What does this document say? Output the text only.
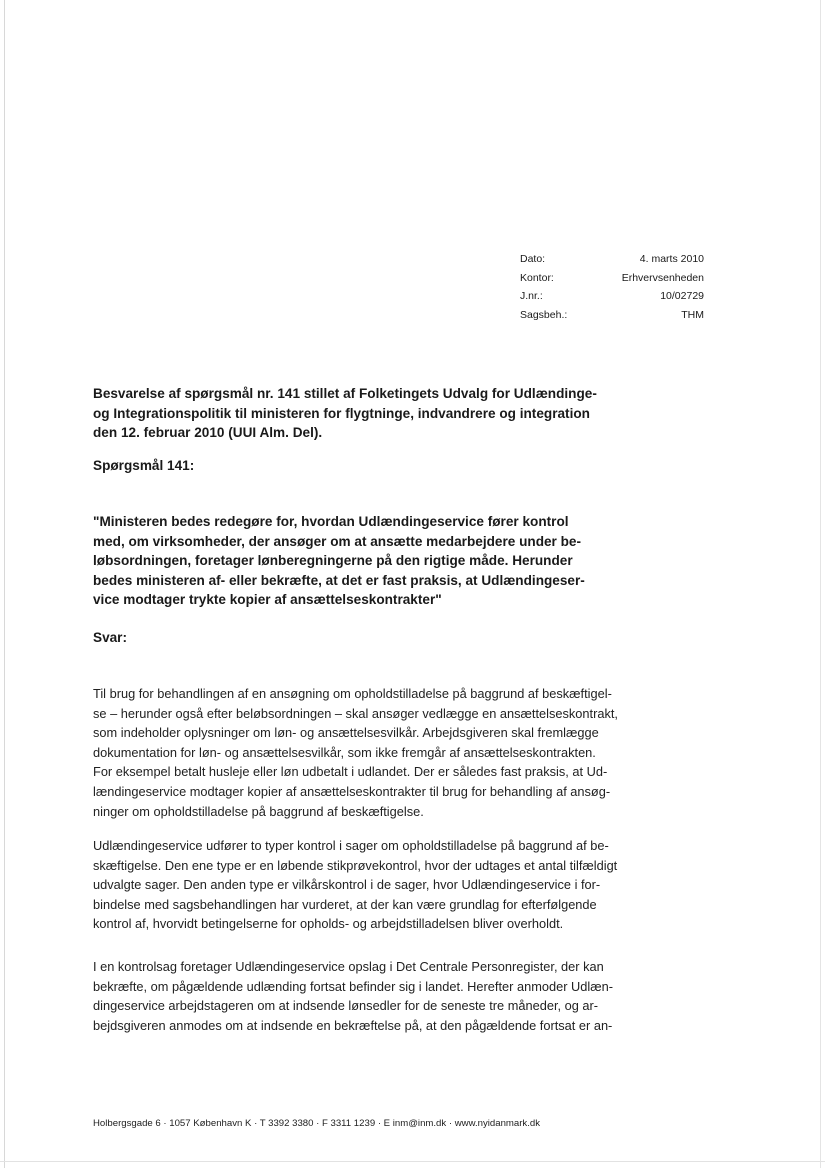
Dato:	4. marts 2010
Kontor:	Erhvervsenheden
J.nr.:	10/02729
Sagsbeh.:	THM
Besvarelse af spørgsmål nr. 141 stillet af Folketingets Udvalg for Udlændinge-
og Integrationspolitik til ministeren for flygtninge, indvandrere og integration
den 12. februar 2010 (UUI Alm. Del).
Spørgsmål 141:

"Ministeren bedes redegøre for, hvordan Udlændingeservice fører kontrol
med, om virksomheder, der ansøger om at ansætte medarbejdere under be-
løbsordningen, foretager lønberegningerne på den rigtige måde. Herunder
bedes ministeren af- eller bekræfte, at det er fast praksis, at Udlændingeser-
vice modtager trykte kopier af ansættelseskontrakter"

Svar:

Til brug for behandlingen af en ansøgning om opholdstilladelse på baggrund af beskæftigel-
se – herunder også efter beløbsordningen – skal ansøger vedlægge en ansættelseskontrakt,
som indeholder oplysninger om løn- og ansættelsesvilkår. Arbejdsgiveren skal fremlægge
dokumentation for løn- og ansættelsesvilkår, som ikke fremgår af ansættelseskontrakten.
For eksempel betalt husleje eller løn udbetalt i udlandet. Der er således fast praksis, at Ud-
lændingeservice modtager kopier af ansættelseskontrakter til brug for behandling af ansøg-
ninger om opholdstilladelse på baggrund af beskæftigelse.

Udlændingeservice udfører to typer kontrol i sager om opholdstilladelse på baggrund af be-
skæftigelse. Den ene type er en løbende stikprøvekontrol, hvor der udtages et antal tilfældigt
udvalgte sager. Den anden type er vilkårskontrol i de sager, hvor Udlændingeservice i for-
bindelse med sagsbehandlingen har vurderet, at der kan være grundlag for efterfølgende
kontrol af, hvorvidt betingelserne for opholds- og arbejdstilladelsen bliver overholdt.

I en kontrolsag foretager Udlændingeservice opslag i Det Centrale Personregister, der kan
bekræfte, om pågældende udlænding fortsat befinder sig i landet. Herefter anmoder Udlæn-
dingeservice arbejdstageren om at indsende lønsedler for de seneste tre måneder, og ar-
bejdsgiveren anmodes om at indsende en bekræftelse på, at den pågældende fortsat er an-

Holbergsgade 6 · 1057 København K · T 3392 3380 · F 3311 1239 · E inm@inm.dk · www.nyidanmark.dk
